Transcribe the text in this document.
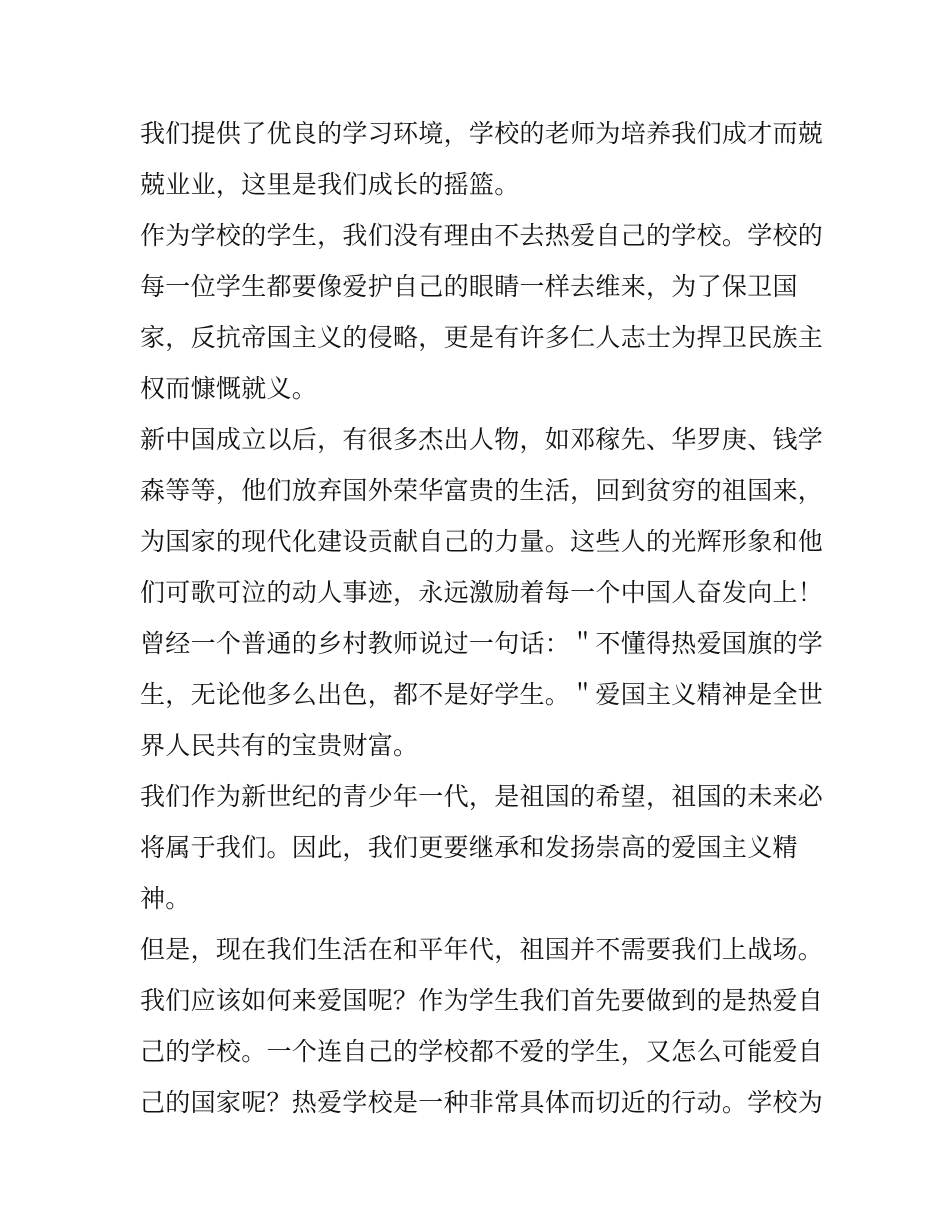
我们提供了优良的学习环境，学校的老师为培养我们成才而兢
兢业业，这里是我们成长的摇篮。
作为学校的学生，我们没有理由不去热爱自己的学校。学校的
每一位学生都要像爱护自己的眼睛一样去维来，为了保卫国
家，反抗帝国主义的侵略，更是有许多仁人志士为捍卫民族主
权而慷慨就义。
新中国成立以后，有很多杰出人物，如邓稼先、华罗庚、钱学
森等等，他们放弃国外荣华富贵的生活，回到贫穷的祖国来，
为国家的现代化建设贡献自己的力量。这些人的光辉形象和他
们可歌可泣的动人事迹，永远激励着每一个中国人奋发向上！
曾经一个普通的乡村教师说过一句话：＂不懂得热爱国旗的学
生，无论他多么出色，都不是好学生。＂爱国主义精神是全世
界人民共有的宝贵财富。
我们作为新世纪的青少年一代，是祖国的希望，祖国的未来必
将属于我们。因此，我们更要继承和发扬崇高的爱国主义精
神。
但是，现在我们生活在和平年代，祖国并不需要我们上战场。
我们应该如何来爱国呢？作为学生我们首先要做到的是热爱自
己的学校。一个连自己的学校都不爱的学生，又怎么可能爱自
己的国家呢？热爱学校是一种非常具体而切近的行动。学校为
